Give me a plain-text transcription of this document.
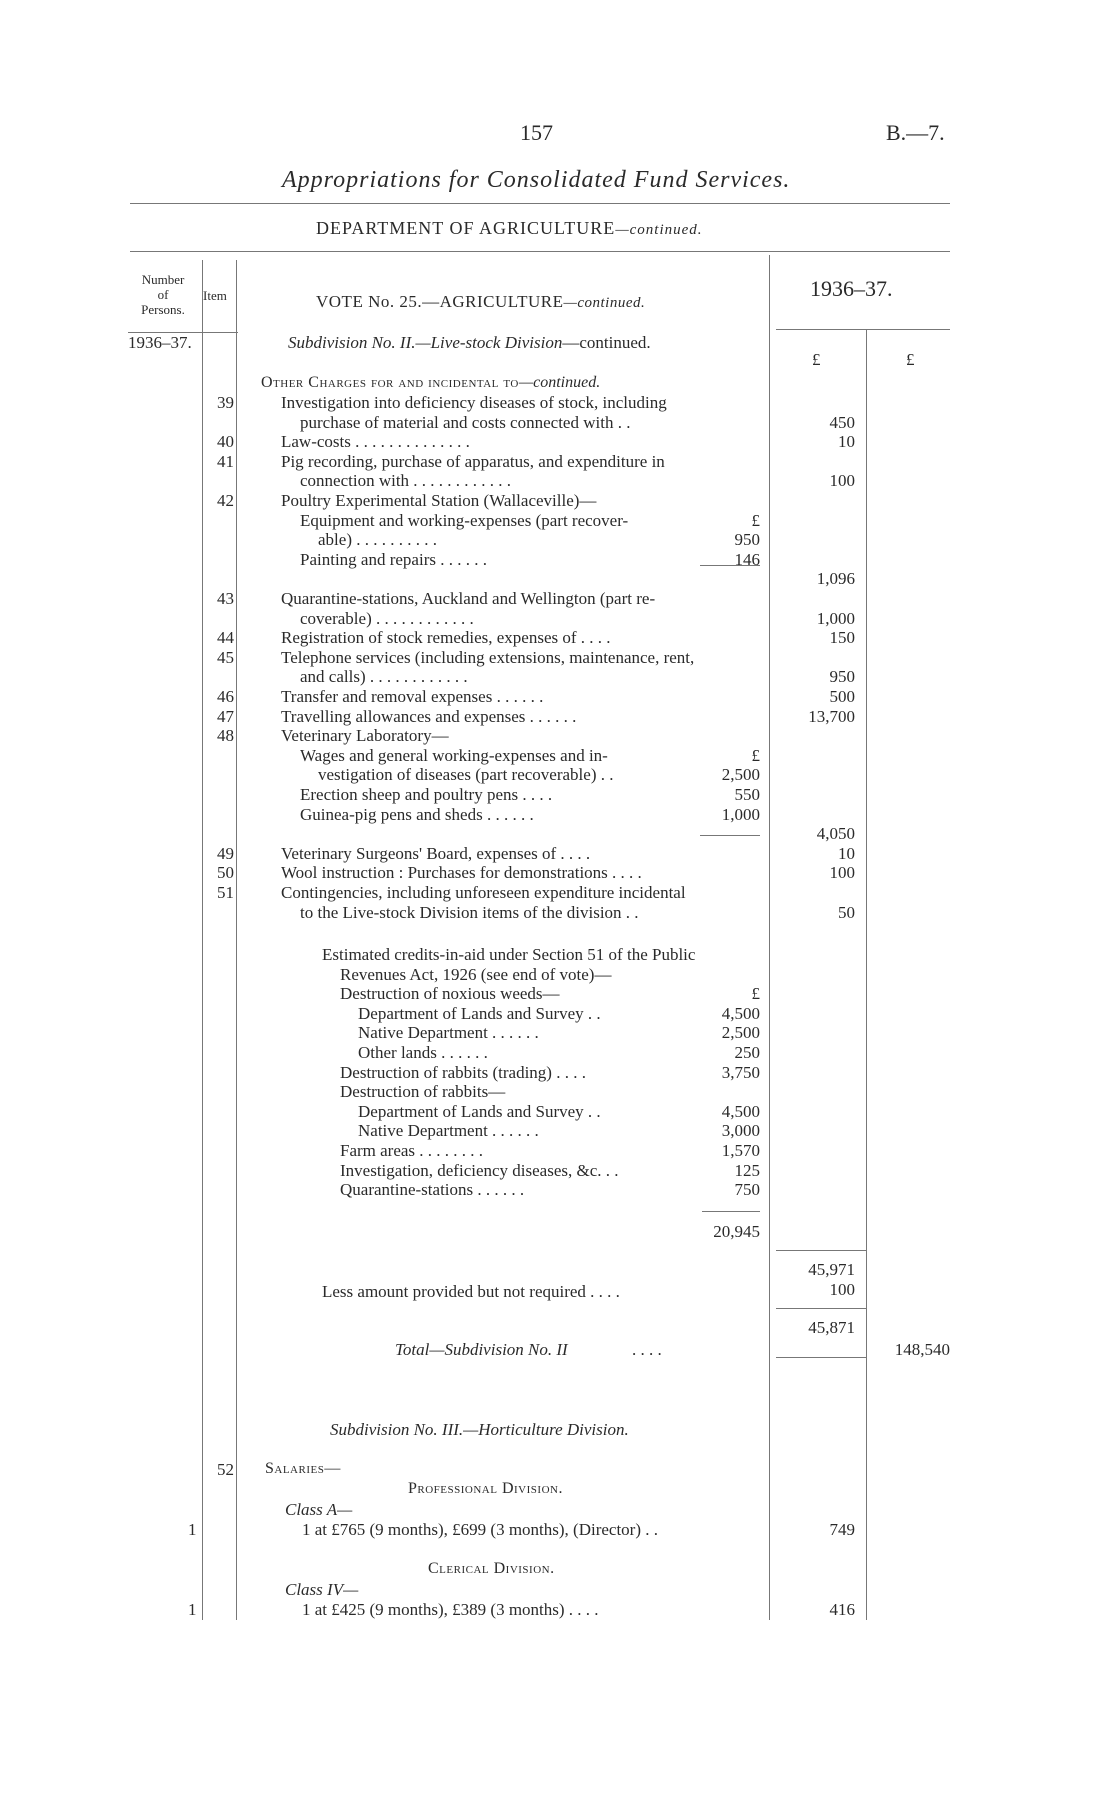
157	B.—7.
Appropriations for Consolidated Fund Services.
DEPARTMENT OF AGRICULTURE—continued.
Number
of
Persons.
Item	VOTE No. 25.—AGRICULTURE—continued.
1936–37.
1936–37.
£	£
Subdivision No. II.—Live-stock Division—continued.
Other Charges for and incidental to—continued.
39	Investigation into deficiency diseases of stock, including
purchase of material and costs connected with . .	450
40	Law-costs . . . . . . . . . . . . . .	10
41	Pig recording, purchase of apparatus, and expenditure in
connection with . . . . . . . . . . . .	100
42	Poultry Experimental Station (Wallaceville)—
Equipment and working-expenses (part recover-	£
able) . . . . . . . . . .	950
Painting and repairs . . . . . .	146
1,096
43	Quarantine-stations, Auckland and Wellington (part re-
coverable) . . . . . . . . . . . .	1,000
44	Registration of stock remedies, expenses of . . . .	150
45	Telephone services (including extensions, maintenance, rent,
and calls) . . . . . . . . . . . .	950
46	Transfer and removal expenses . . . . . .	500
47	Travelling allowances and expenses . . . . . .	13,700
48	Veterinary Laboratory—
Wages and general working-expenses and in-	£
vestigation of diseases (part recoverable) . .	2,500
Erection sheep and poultry pens . . . .	550
Guinea-pig pens and sheds . . . . . .	1,000
4,050
49	Veterinary Surgeons' Board, expenses of . . . .	10
50	Wool instruction : Purchases for demonstrations . . . .	100
51	Contingencies, including unforeseen expenditure incidental
to the Live-stock Division items of the division . .	50
Estimated credits-in-aid under Section 51 of the Public
Revenues Act, 1926 (see end of vote)—
Destruction of noxious weeds—	£
Department of Lands and Survey . .	4,500
Native Department . . . . . .	2,500
Other lands . . . . . .	250
Destruction of rabbits (trading) . . . .	3,750
Destruction of rabbits—
Department of Lands and Survey . .	4,500
Native Department . . . . . .	3,000
Farm areas . . . . . . . .	1,570
Investigation, deficiency diseases, &c. . .	125
Quarantine-stations . . . . . .	750
20,945
45,971
Less amount provided but not required . . . .	100
45,871
Total—Subdivision No. II	. . . .	148,540
Subdivision No. III.—Horticulture Division.
52 Salaries—
Professional Division.
Class A—
1	1 at £765 (9 months), £699 (3 months), (Director) . .	749
Clerical Division.
Class IV—
1	1 at £425 (9 months), £389 (3 months) . . . .	416
